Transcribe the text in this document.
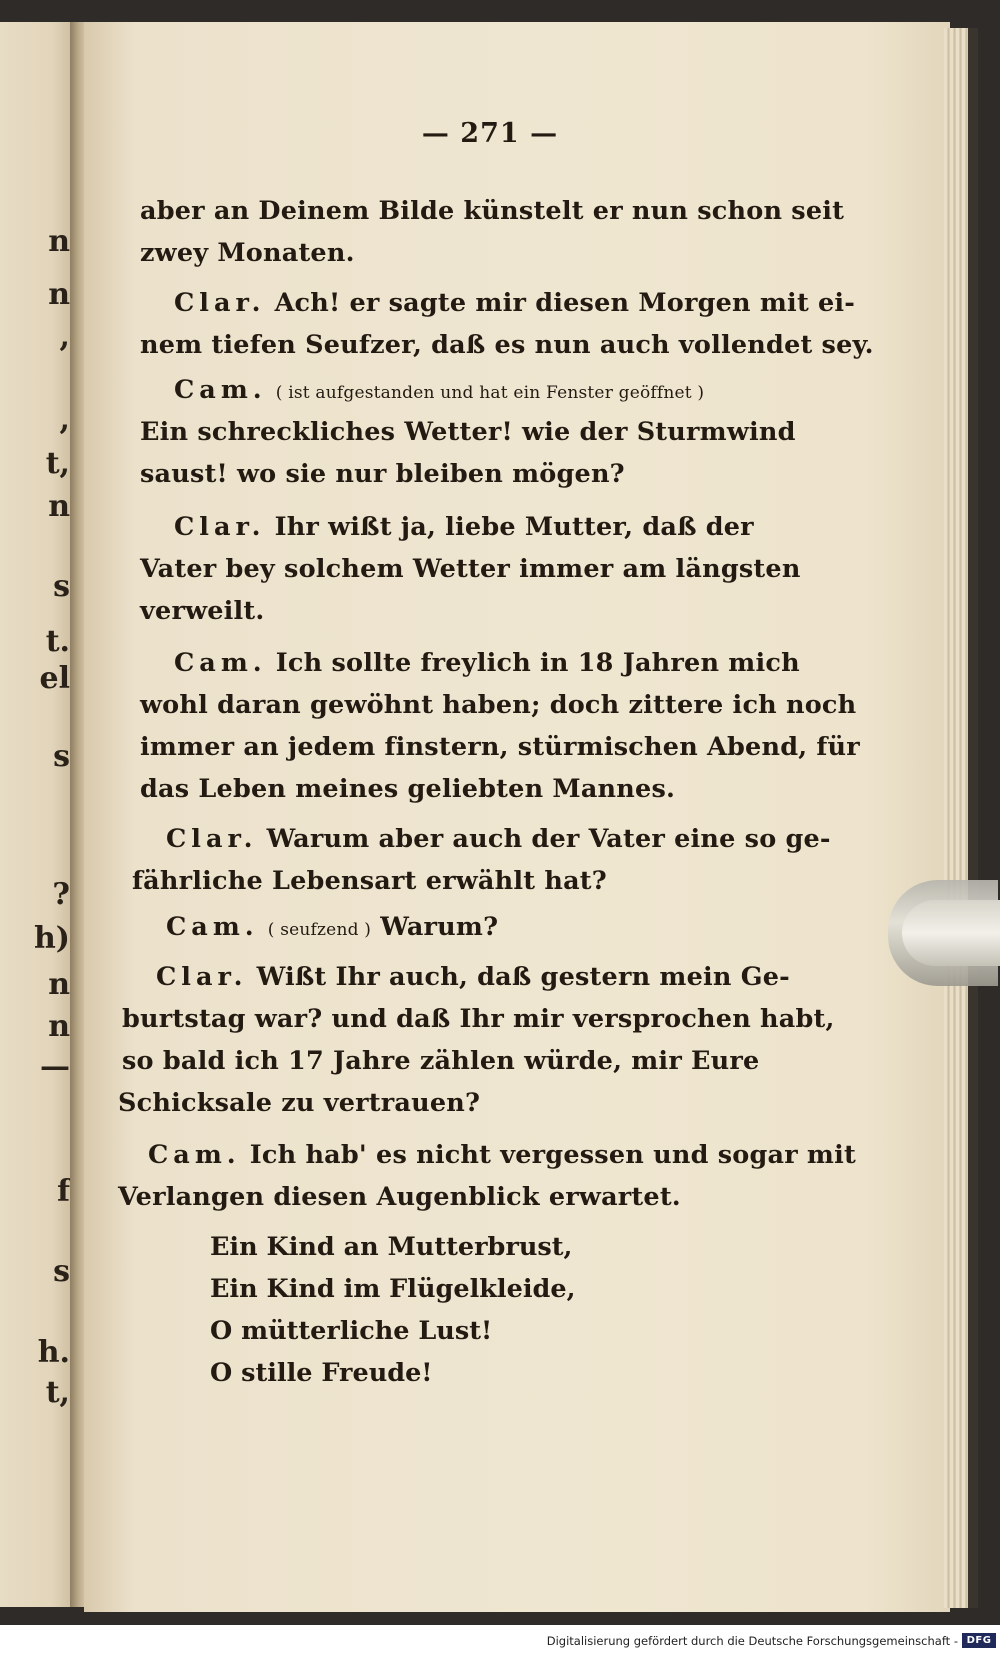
n
n
,
,
t,
n
s
t.
el
s
?
h)
n
n
—
f
s
h.
t,
— 271 —
aber an Deinem Bilde künstelt er nun schon seit
zwey Monaten.
Clar. Ach! er sagte mir diesen Morgen mit ei-
nem tiefen Seufzer, daß es nun auch vollendet sey.
Cam. ( ist aufgestanden und hat ein Fenster geöffnet )
Ein schreckliches Wetter! wie der Sturmwind
saust! wo sie nur bleiben mögen?
Clar. Ihr wißt ja, liebe Mutter, daß der
Vater bey solchem Wetter immer am längsten
verweilt.
Cam. Ich sollte freylich in 18 Jahren mich
wohl daran gewöhnt haben; doch zittere ich noch
immer an jedem finstern, stürmischen Abend, für
das Leben meines geliebten Mannes.
Clar. Warum aber auch der Vater eine so ge-
fährliche Lebensart erwählt hat?
Cam. ( seufzend ) Warum?
Clar. Wißt Ihr auch, daß gestern mein Ge-
burtstag war? und daß Ihr mir versprochen habt,
so bald ich 17 Jahre zählen würde, mir Eure
Schicksale zu vertrauen?
Cam. Ich hab' es nicht vergessen und sogar mit
Verlangen diesen Augenblick erwartet.
Ein Kind an Mutterbrust,
Ein Kind im Flügelkleide,
O mütterliche Lust!
O stille Freude!
Digitalisierung gefördert durch die Deutsche Forschungsgemeinschaft - DFG
